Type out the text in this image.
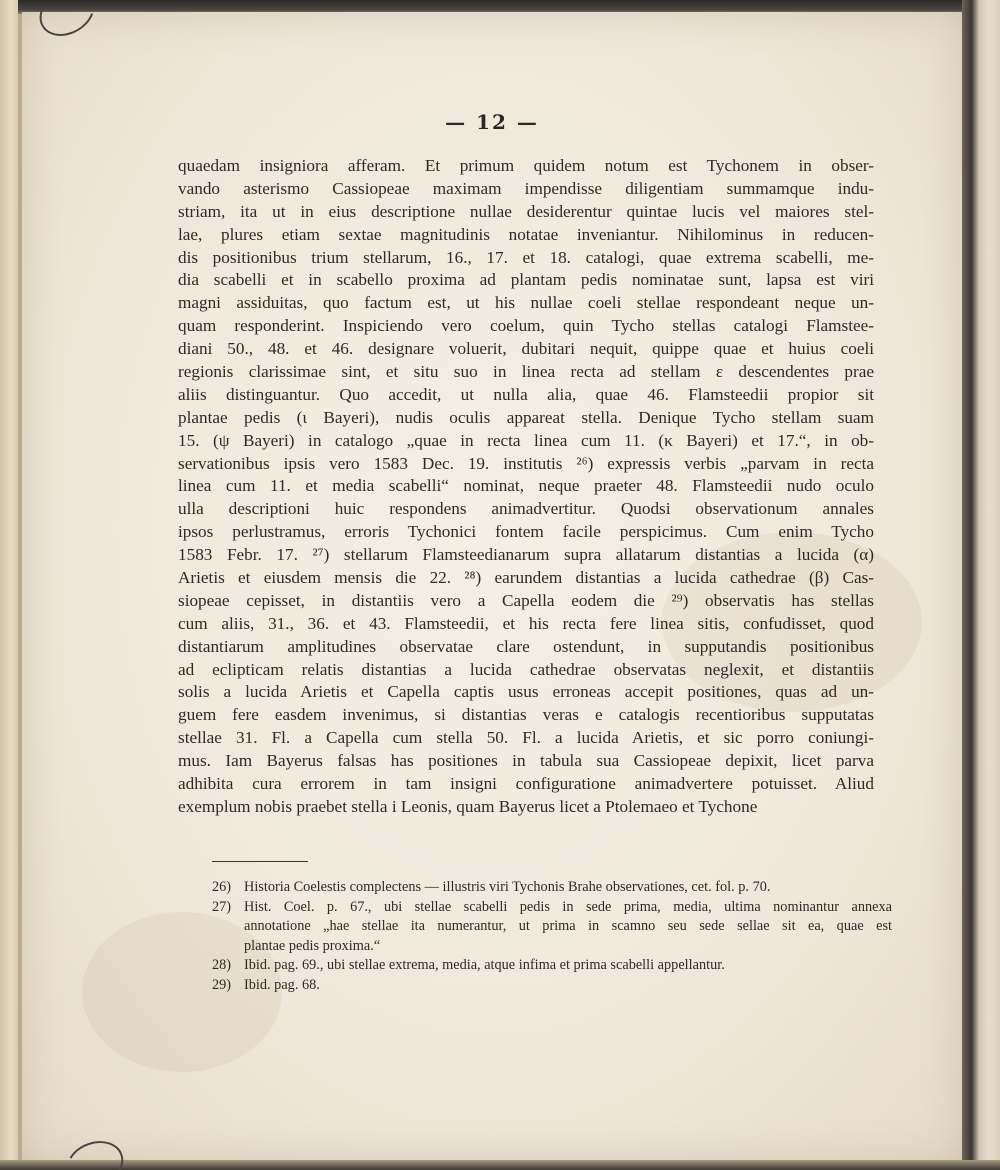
— 12 —
quaedam insigniora afferam. Et primum quidem notum est Tychonem in obser-
vando asterismo Cassiopeae maximam impendisse diligentiam summamque indu-
striam, ita ut in eius descriptione nullae desiderentur quintae lucis vel maiores stel-
lae, plures etiam sextae magnitudinis notatae inveniantur. Nihilominus in reducen-
dis positionibus trium stellarum, 16., 17. et 18. catalogi, quae extrema scabelli, me-
dia scabelli et in scabello proxima ad plantam pedis nominatae sunt, lapsa est viri
magni assiduitas, quo factum est, ut his nullae coeli stellae respondeant neque un-
quam responderint. Inspiciendo vero coelum, quin Tycho stellas catalogi Flamstee-
diani 50., 48. et 46. designare voluerit, dubitari nequit, quippe quae et huius coeli
regionis clarissimae sint, et situ suo in linea recta ad stellam ε descendentes prae
aliis distinguantur. Quo accedit, ut nulla alia, quae 46. Flamsteedii propior sit
plantae pedis (ι Bayeri), nudis oculis appareat stella. Denique Tycho stellam suam
15. (ψ Bayeri) in catalogo „quae in recta linea cum 11. (κ Bayeri) et 17.“, in ob-
servationibus ipsis vero 1583 Dec. 19. institutis ²⁶) expressis verbis „parvam in recta
linea cum 11. et media scabelli“ nominat, neque praeter 48. Flamsteedii nudo oculo
ulla descriptioni huic respondens animadvertitur. Quodsi observationum annales
ipsos perlustramus, erroris Tychonici fontem facile perspicimus. Cum enim Tycho
1583 Febr. 17. ²⁷) stellarum Flamsteedianarum supra allatarum distantias a lucida (α)
Arietis et eiusdem mensis die 22. ²⁸) earundem distantias a lucida cathedrae (β) Cas-
siopeae cepisset, in distantiis vero a Capella eodem die ²⁹) observatis has stellas
cum aliis, 31., 36. et 43. Flamsteedii, et his recta fere linea sitis, confudisset, quod
distantiarum amplitudines observatae clare ostendunt, in supputandis positionibus
ad eclipticam relatis distantias a lucida cathedrae observatas neglexit, et distantiis
solis a lucida Arietis et Capella captis usus erroneas accepit positiones, quas ad un-
guem fere easdem invenimus, si distantias veras e catalogis recentioribus supputatas
stellae 31. Fl. a Capella cum stella 50. Fl. a lucida Arietis, et sic porro coniungi-
mus. Iam Bayerus falsas has positiones in tabula sua Cassiopeae depixit, licet parva
adhibita cura errorem in tam insigni configuratione animadvertere potuisset. Aliud
exemplum nobis praebet stella i Leonis, quam Bayerus licet a Ptolemaeo et Tychone
26) Historia Coelestis complectens — illustris viri Tychonis Brahe observationes, cet. fol. p. 70.
27) Hist. Coel. p. 67., ubi stellae scabelli pedis in sede prima, media, ultima nominantur annexa
annotatione „hae stellae ita numerantur, ut prima in scamno seu sede sellae sit ea, quae est
plantae pedis proxima.“
28) Ibid. pag. 69., ubi stellae extrema, media, atque infima et prima scabelli appellantur.
29) Ibid. pag. 68.
